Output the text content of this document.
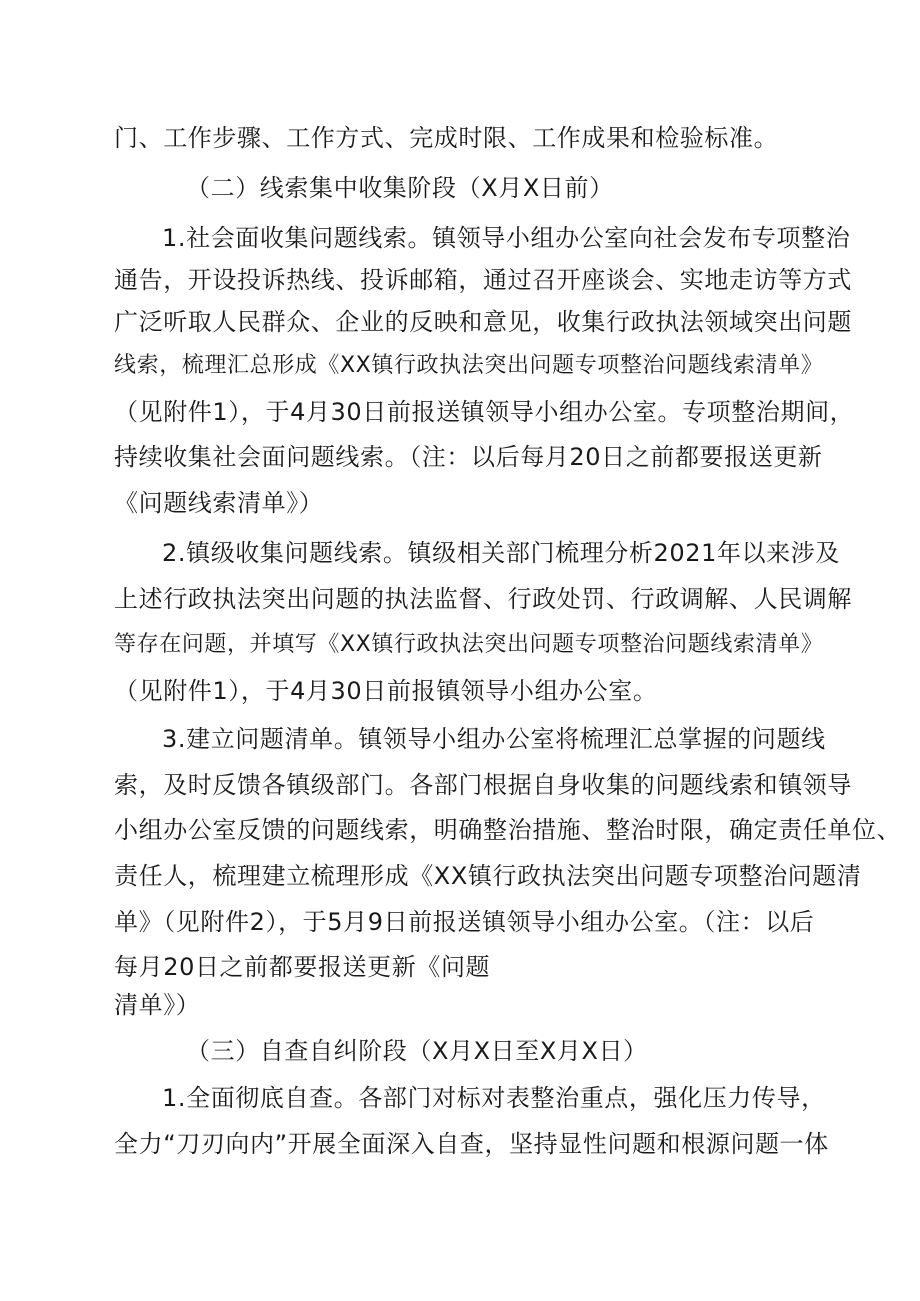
门、工作步骤、工作方式、完成时限、工作成果和检验标准。
（二）线索集中收集阶段（X月X日前）
1.社会面收集问题线索。镇领导小组办公室向社会发布专项整治
通告，开设投诉热线、投诉邮箱，通过召开座谈会、实地走访等方式
广泛听取人民群众、企业的反映和意见，收集行政执法领域突出问题
线索，梳理汇总形成《XX镇行政执法突出问题专项整治问题线索清单》
（见附件1），于4月30日前报送镇领导小组办公室。专项整治期间，
持续收集社会面问题线索。（注：以后每月20日之前都要报送更新
《问题线索清单》）
2.镇级收集问题线索。镇级相关部门梳理分析2021年以来涉及
上述行政执法突出问题的执法监督、行政处罚、行政调解、人民调解
等存在问题，并填写《XX镇行政执法突出问题专项整治问题线索清单》
（见附件1），于4月30日前报镇领导小组办公室。
3.建立问题清单。镇领导小组办公室将梳理汇总掌握的问题线
索，及时反馈各镇级部门。各部门根据自身收集的问题线索和镇领导
小组办公室反馈的问题线索，明确整治措施、整治时限，确定责任单位、
责任人，梳理建立梳理形成《XX镇行政执法突出问题专项整治问题清
单》（见附件2），于5月9日前报送镇领导小组办公室。（注：以后
每月20日之前都要报送更新《问题
清单》）
（三）自查自纠阶段（X月X日至X月X日）
1.全面彻底自查。各部门对标对表整治重点，强化压力传导，
全力“刀刃向内”开展全面深入自查，坚持显性问题和根源问题一体
